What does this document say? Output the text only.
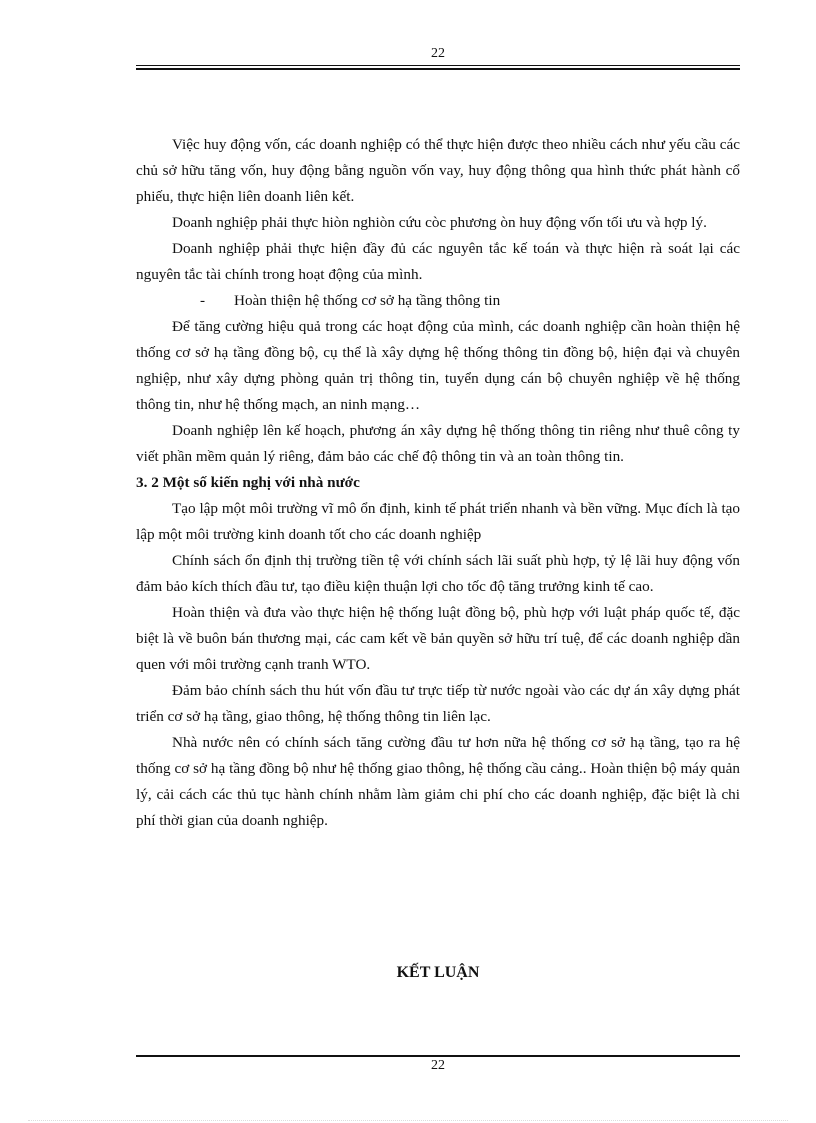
22

Việc huy động vốn, các doanh nghiệp có thể thực hiện được theo nhiều cách như yếu cầu các chủ sở hữu tăng vốn, huy động bằng nguồn vốn vay, huy động thông qua hình thức phát hành cổ phiếu, thực hiện liên doanh liên kết.

Doanh nghiệp phải thực hiòn nghiòn cứu còc phương òn huy động vốn tối ưu và hợp lý.

Doanh nghiệp phải thực hiện đầy đủ các nguyên tắc kế toán và thực hiện rà soát lại các nguyên tắc tài chính trong hoạt động của mình.

- Hoàn thiện hệ thống cơ sở hạ tầng thông tin

Để tăng cường hiệu quả trong các hoạt động của mình, các doanh nghiệp cần hoàn thiện hệ thống cơ sở hạ tầng đồng bộ, cụ thể là xây dựng hệ thống thông tin đồng bộ, hiện đại và chuyên nghiệp, như xây dựng phòng quản trị thông tin, tuyển dụng cán bộ chuyên nghiệp về hệ thống thông tin, như hệ thống mạch, an ninh mạng…

Doanh nghiệp lên kế hoạch, phương án xây dựng hệ thống thông tin riêng như thuê công ty viết phần mềm quản lý riêng, đảm bảo các chế độ thông tin và an toàn thông tin.

3. 2 Một số kiến nghị với nhà nước

Tạo lập một môi trường vĩ mô ổn định, kinh tế phát triển nhanh và bền vững. Mục đích là tạo lập một môi trường kinh doanh tốt cho các doanh nghiệp

Chính sách ổn định thị trường tiền tệ với chính sách lãi suất phù hợp, tỷ lệ lãi huy động vốn đảm bảo kích thích đầu tư, tạo điều kiện thuận lợi cho tốc độ tăng trưởng kinh tế cao.

Hoàn thiện và đưa vào thực hiện hệ thống luật đồng bộ, phù hợp với luật pháp quốc tế, đặc biệt là về buôn bán thương mại, các cam kết về bản quyền sở hữu trí tuệ, để các doanh nghiệp dần quen với môi trường cạnh tranh WTO.

Đảm bảo chính sách thu hút vốn đầu tư trực tiếp từ nước ngoài vào các dự án xây dựng phát triển cơ sở hạ tầng, giao thông, hệ thống thông tin liên lạc.

Nhà nước nên có chính sách tăng cường đầu tư hơn nữa hệ thống cơ sở hạ tầng, tạo ra hệ thống cơ sở hạ tầng đồng bộ như hệ thống giao thông, hệ thống cầu cảng.. Hoàn thiện bộ máy quản lý, cải cách các thủ tục hành chính nhằm làm giảm chi phí cho các doanh nghiệp, đặc biệt là chi phí thời gian của doanh nghiệp.

KẾT LUẬN
22
